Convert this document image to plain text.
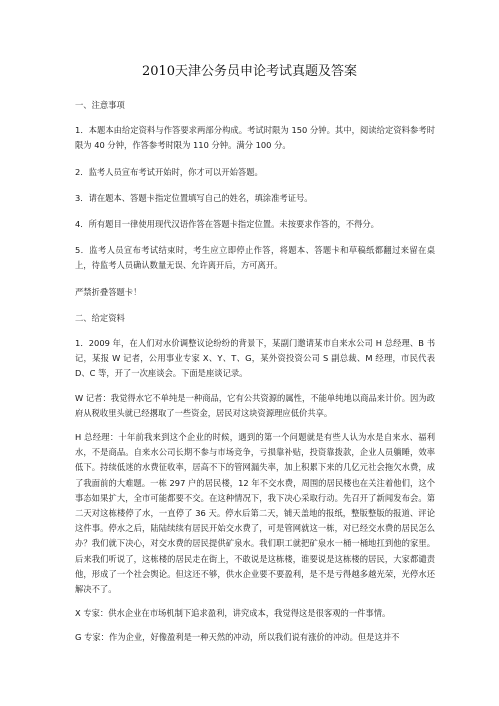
2010天津公务员申论考试真题及答案

一、注意事项

1．本题本由给定资料与作答要求两部分构成。考试时限为 150 分钟。其中，阅读给定资料参考时限为 40 分钟，作答参考时限为 110 分钟。满分 100 分。

2．监考人员宣布考试开始时，你才可以开始答题。

3．请在题本、答题卡指定位置填写自己的姓名，填涂准考证号。

4．所有题目一律使用现代汉语作答在答题卡指定位置。未按要求作答的，不得分。

5．监考人员宣布考试结束时，考生应立即停止作答，将题本、答题卡和草稿纸都翻过来留在桌上，待监考人员确认数量无误、允许离开后，方可离开。

严禁折叠答题卡！

二、给定资料

1．2009 年，在人们对水价调整议论纷纷的背景下，某副门邀请某市自来水公司 H 总经理、B 书记，某报 W 记者，公用事业专家 X、Y、T、G，某外资投资公司 S 副总裁、M 经理，市民代表 D、C 等，开了一次座谈会。下面是座谈记录。

W 记者：我觉得水它不单纯是一种商品，它有公共资源的属性，不能单纯地以商品来计价。因为政府从税收里头就已经撂取了一些资金，居民对这块资源理应低价共享。

H 总经理：十年前我来到这个企业的时候，遇到的第一个问题就是有些人认为水是自来水、福利水，不是商品。自来水公司长期不参与市场竞争，亏损靠补贴，投资靠拨款，企业人员躺睡，效率低下。持续低迷的水费征收率，居高不下的管网漏失率，加上积累下来的几亿元社会拖欠水费，成了我面前的大难题。一栋 297 户的居民楼，12 年不交水费，周围的居民楼也在关注着他们，这个事态如果扩大，全市可能都要不交。在这种情况下，我下决心采取行动。先召开了新闻发布会。第二天对这栋楼停了水，一直停了 36 天。停水后第二天，铺天盖地的报纸，整版整版的报道、评论这件事。停水之后，陆陆续续有居民开始交水费了，可是管网就这一栋，对已经交水费的居民怎么办？我们就下决心，对交水费的居民提供矿泉水。我们职工就把矿泉水一桶一桶地扛到他的家里。后来我们听说了，这栋楼的居民走在街上，不敢说是这栋楼，谁要说是这栋楼的居民，大家都谴责他，形成了一个社会舆论。但这还不够，供水企业要不要盈利，是不是亏得越多越光荣，光停水还解决不了。

X 专家：供水企业在市场机制下追求盈利，讲究成本，我觉得这是很客观的一件事情。

G 专家：作为企业，好像盈利是一种天然的冲动，所以我们说有涨价的冲动。但是这并不
